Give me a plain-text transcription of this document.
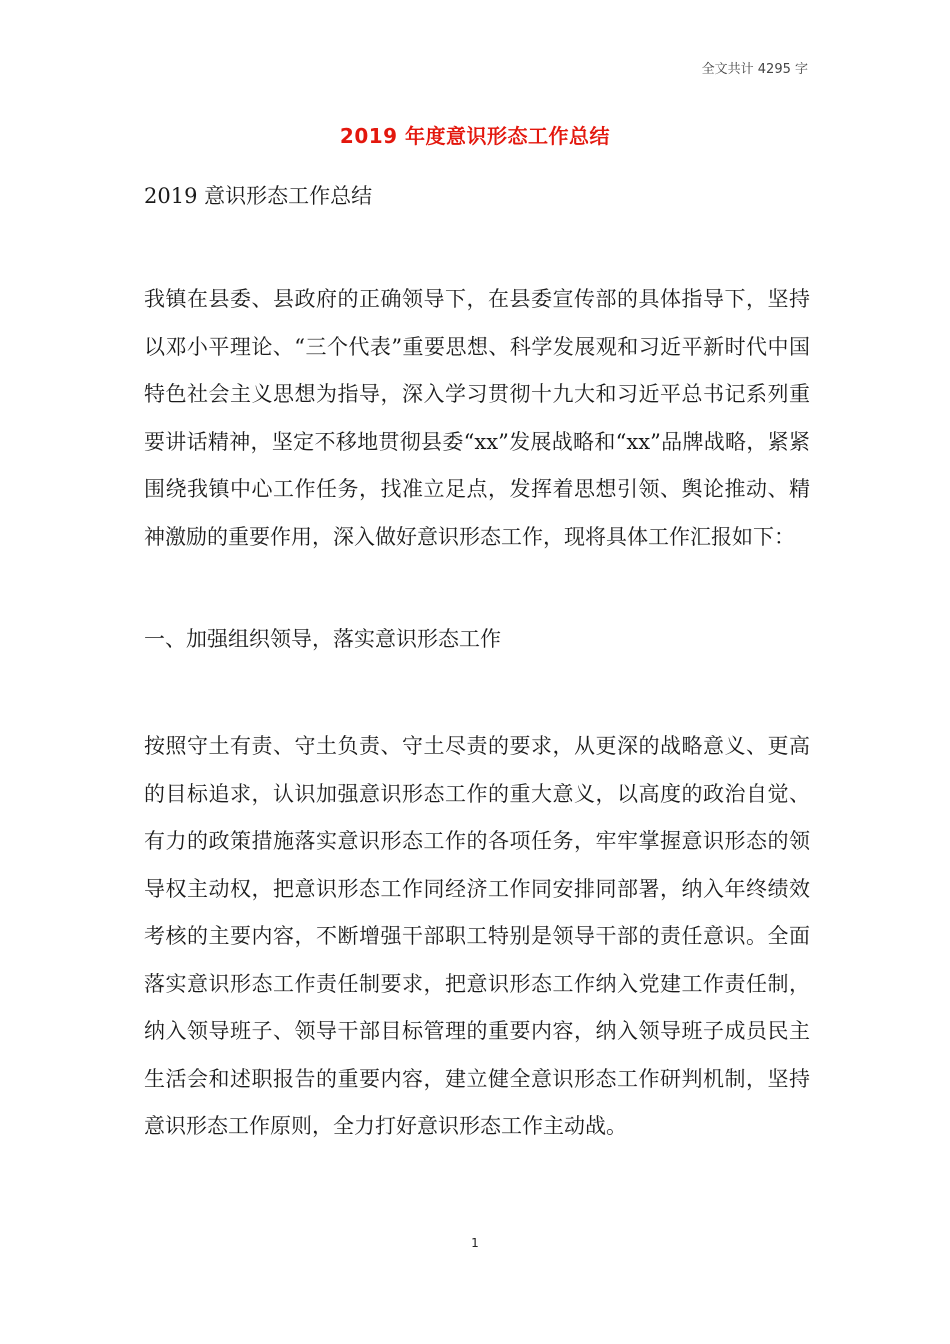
全文共计 4295 字
2019 年度意识形态工作总结

2019 意识形态工作总结

我镇在县委、县政府的正确领导下，在县委宣传部的具体指导下，坚持以邓小平理论、“三个代表”重要思想、科学发展观和习近平新时代中国特色社会主义思想为指导，深入学习贯彻十九大和习近平总书记系列重要讲话精神，坚定不移地贯彻县委“xx”发展战略和“xx”品牌战略，紧紧围绕我镇中心工作任务，找准立足点，发挥着思想引领、舆论推动、精神激励的重要作用，深入做好意识形态工作，现将具体工作汇报如下：

一、加强组织领导，落实意识形态工作

按照守土有责、守土负责、守土尽责的要求，从更深的战略意义、更高的目标追求，认识加强意识形态工作的重大意义，以高度的政治自觉、有力的政策措施落实意识形态工作的各项任务，牢牢掌握意识形态的领导权主动权，把意识形态工作同经济工作同安排同部署，纳入年终绩效考核的主要内容，不断增强干部职工特别是领导干部的责任意识。全面落实意识形态工作责任制要求，把意识形态工作纳入党建工作责任制，纳入领导班子、领导干部目标管理的重要内容，纳入领导班子成员民主生活会和述职报告的重要内容，建立健全意识形态工作研判机制，坚持意识形态工作原则，全力打好意识形态工作主动战。

1
